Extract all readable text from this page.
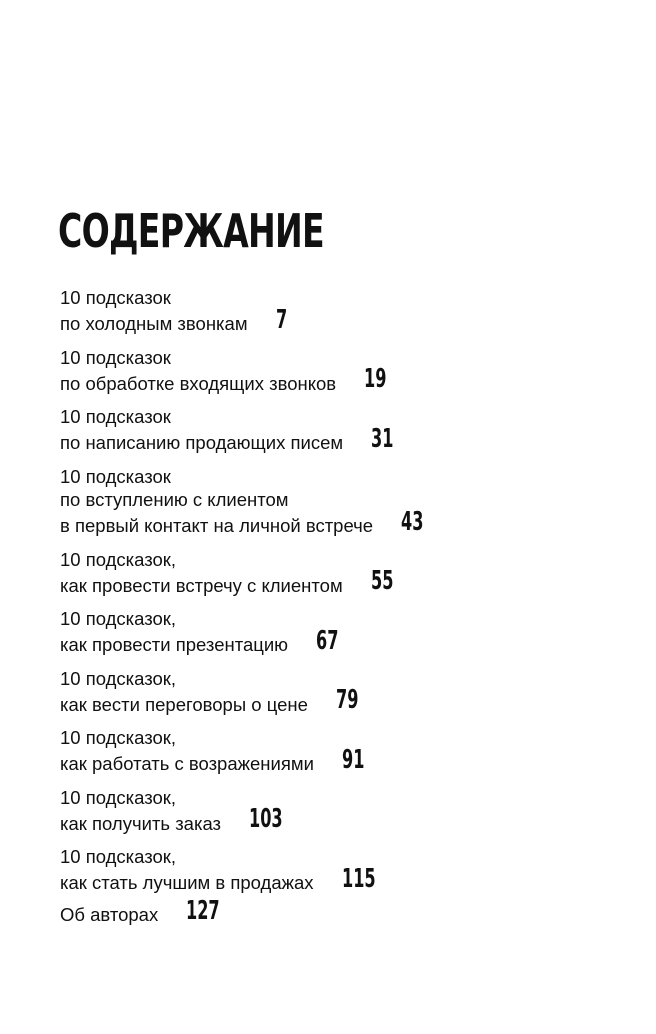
СОДЕРЖАНИЕ
10 подсказок
по холодным звонкам 7
10 подсказок
по обработке входящих звонков 19
10 подсказок
по написанию продающих писем 31
10 подсказок
по вступлению с клиентом
в первый контакт на личной встрече 43
10 подсказок,
как провести встречу с клиентом 55
10 подсказок,
как провести презентацию 67
10 подсказок,
как вести переговоры о цене 79
10 подсказок,
как работать с возражениями 91
10 подсказок,
как получить заказ 103
10 подсказок,
как стать лучшим в продажах 115
Об авторах 127
